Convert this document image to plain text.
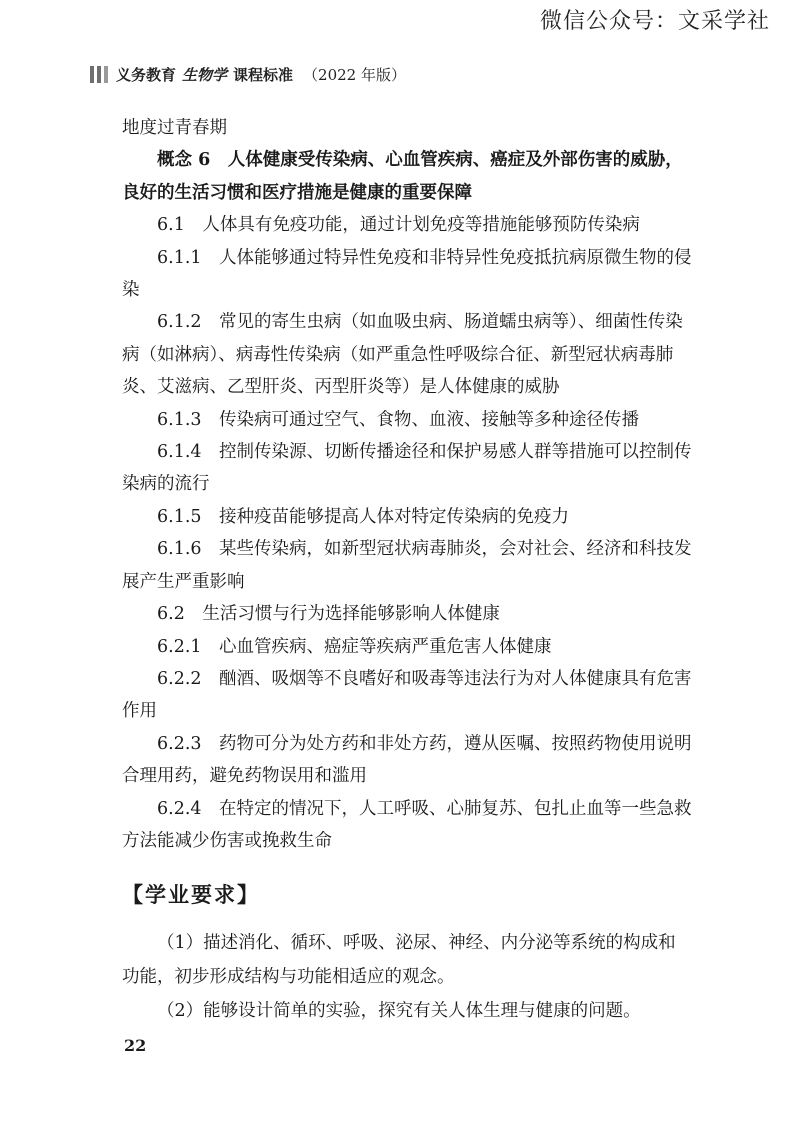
微信公众号：文采学社
义务教育 生物学 课程标准 （2022 年版）

地度过青春期

概念 6　人体健康受传染病、心血管疾病、癌症及外部伤害的威胁，良好的生活习惯和医疗措施是健康的重要保障

6.1　人体具有免疫功能，通过计划免疫等措施能够预防传染病

6.1.1　人体能够通过特异性免疫和非特异性免疫抵抗病原微生物的侵染

6.1.2　常见的寄生虫病（如血吸虫病、肠道蠕虫病等）、细菌性传染病（如淋病）、病毒性传染病（如严重急性呼吸综合征、新型冠状病毒肺炎、艾滋病、乙型肝炎、丙型肝炎等）是人体健康的威胁

6.1.3　传染病可通过空气、食物、血液、接触等多种途径传播

6.1.4　控制传染源、切断传播途径和保护易感人群等措施可以控制传染病的流行

6.1.5　接种疫苗能够提高人体对特定传染病的免疫力

6.1.6　某些传染病，如新型冠状病毒肺炎，会对社会、经济和科技发展产生严重影响

6.2　生活习惯与行为选择能够影响人体健康

6.2.1　心血管疾病、癌症等疾病严重危害人体健康

6.2.2　酗酒、吸烟等不良嗜好和吸毒等违法行为对人体健康具有危害作用

6.2.3　药物可分为处方药和非处方药，遵从医嘱、按照药物使用说明合理用药，避免药物误用和滥用

6.2.4　在特定的情况下，人工呼吸、心肺复苏、包扎止血等一些急救方法能减少伤害或挽救生命

【学业要求】

（1）描述消化、循环、呼吸、泌尿、神经、内分泌等系统的构成和功能，初步形成结构与功能相适应的观念。

（2）能够设计简单的实验，探究有关人体生理与健康的问题。

22
